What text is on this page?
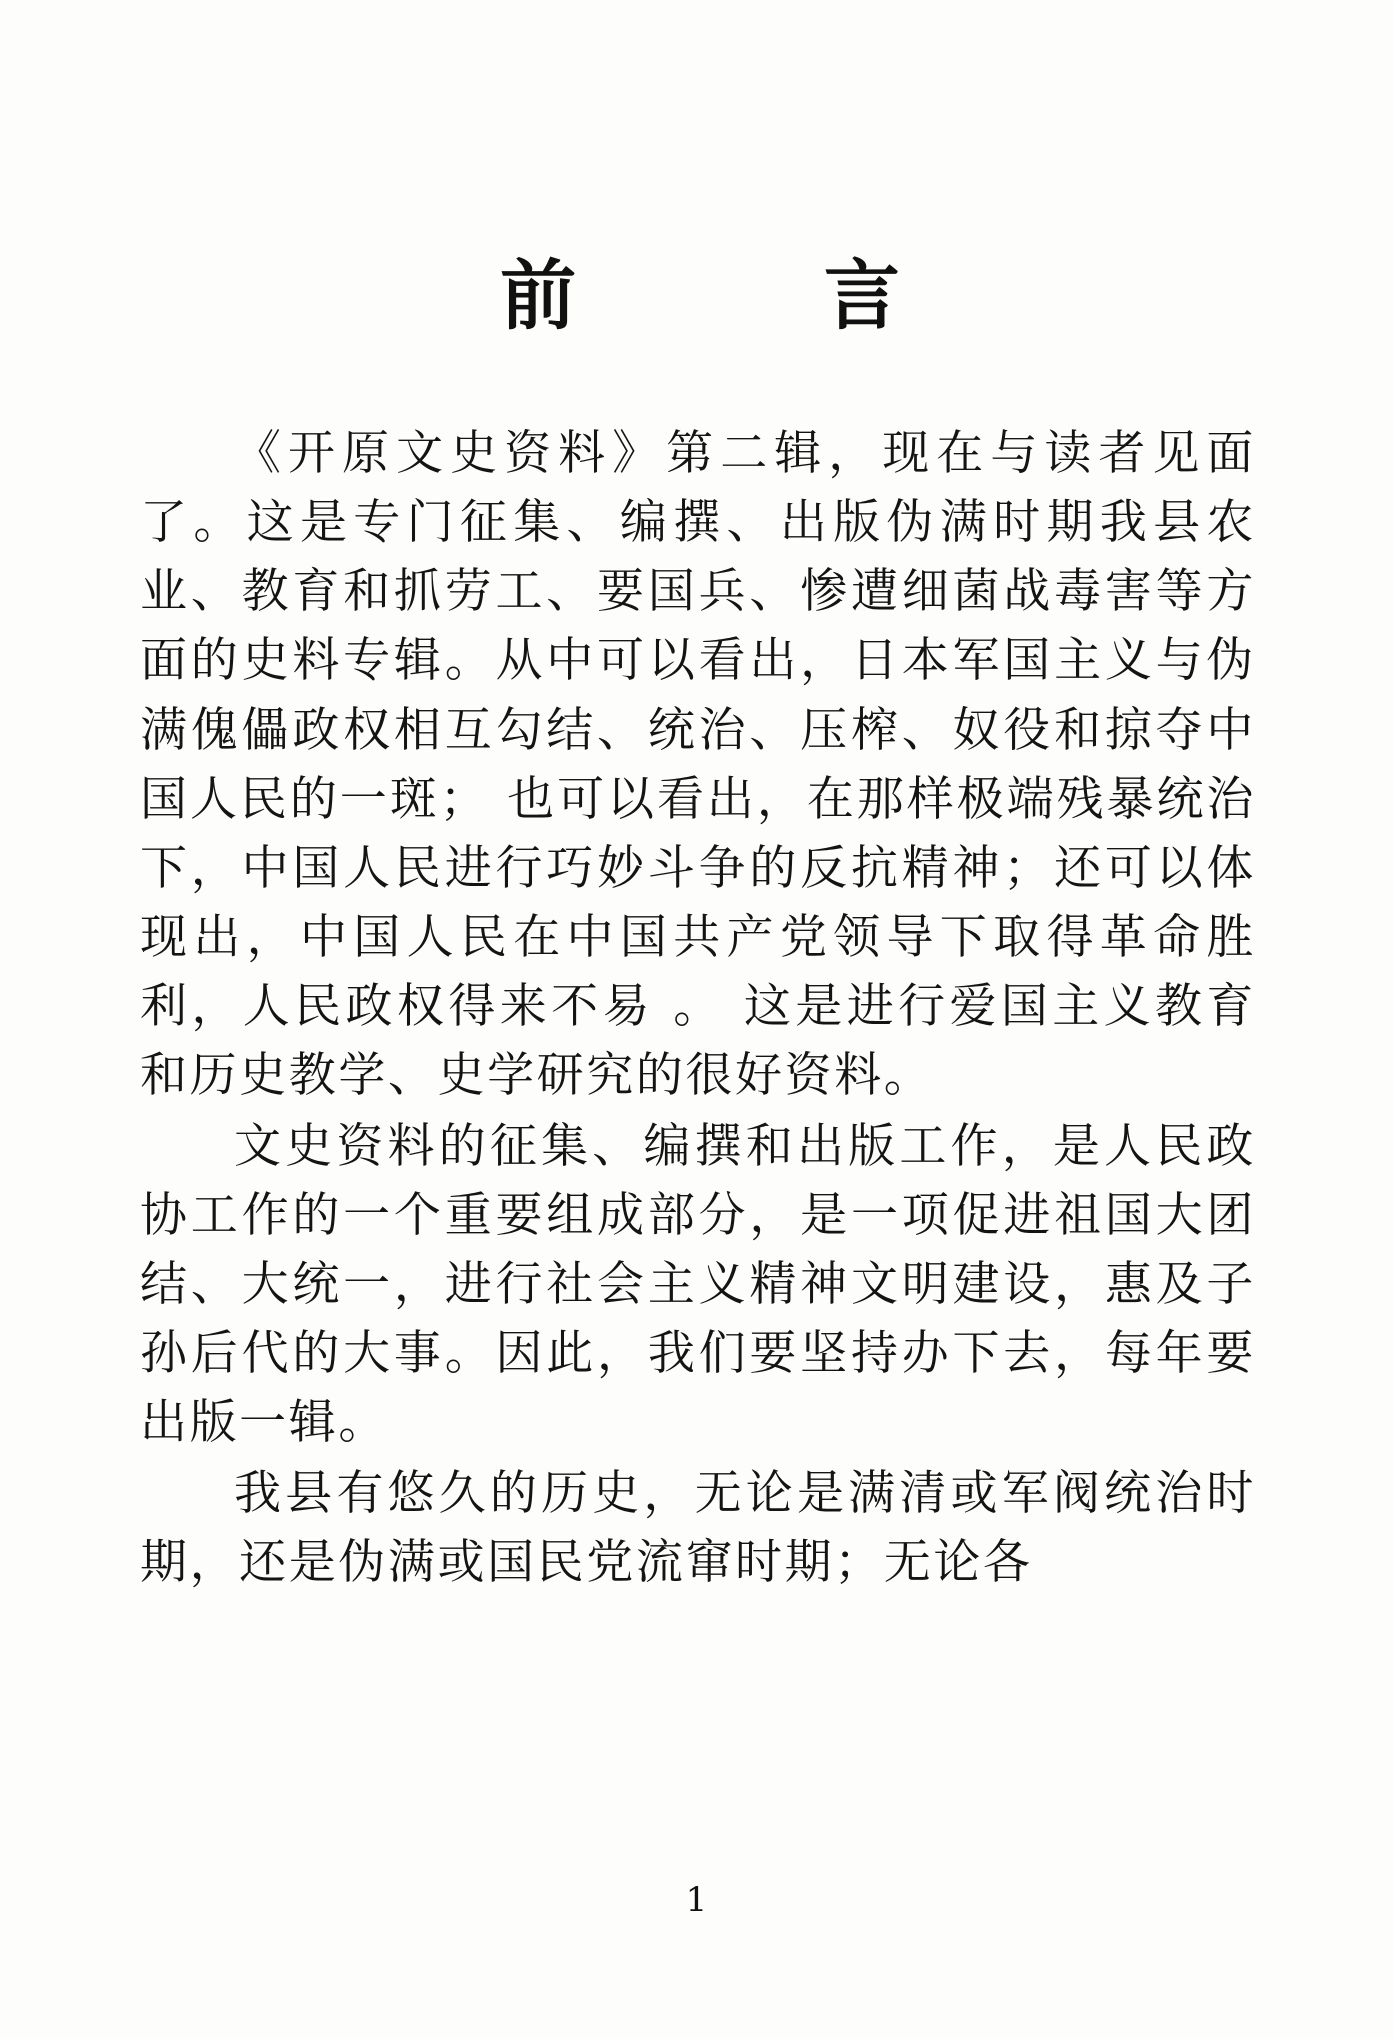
前　　言

《开原文史资料》第二辑，现在与读者见面了。这是专门征集、编撰、出版伪满时期我县农业、教育和抓劳工、要国兵、惨遭细菌战毒害等方面的史料专辑。从中可以看出，日本军国主义与伪满傀儡政权相互勾结、统治、压榨、奴役和掠夺中国人民的一斑； 也可以看出，在那样极端残暴统治下，中国人民进行巧妙斗争的反抗精神；还可以体现出，中国人民在中国共产党领导下取得革命胜利，人民政权得来不易 。 这是进行爱国主义教育和历史教学、史学研究的很好资料。

文史资料的征集、编撰和出版工作，是人民政协工作的一个重要组成部分，是一项促进祖国大团结、大统一，进行社会主义精神文明建设，惠及子孙后代的大事。因此，我们要坚持办下去，每年要出版一辑。

我县有悠久的历史，无论是满清或军阀统治时期，还是伪满或国民党流窜时期；无论各

1
